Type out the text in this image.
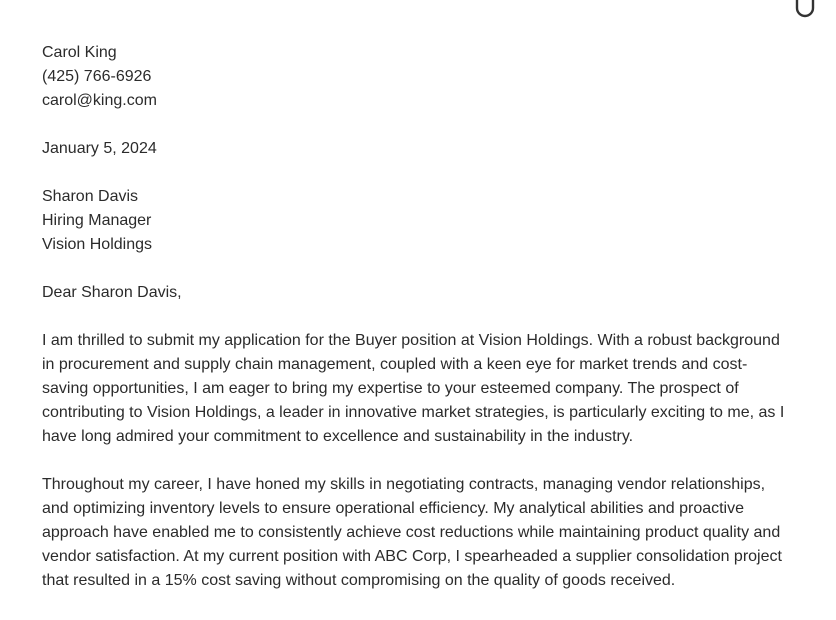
Carol King
(425) 766-6926
carol@king.com
January 5, 2024
Sharon Davis
Hiring Manager
Vision Holdings
Dear Sharon Davis,
I am thrilled to submit my application for the Buyer position at Vision Holdings. With a robust background
in procurement and supply chain management, coupled with a keen eye for market trends and cost-
saving opportunities, I am eager to bring my expertise to your esteemed company. The prospect of
contributing to Vision Holdings, a leader in innovative market strategies, is particularly exciting to me, as I
have long admired your commitment to excellence and sustainability in the industry.
Throughout my career, I have honed my skills in negotiating contracts, managing vendor relationships,
and optimizing inventory levels to ensure operational efficiency. My analytical abilities and proactive
approach have enabled me to consistently achieve cost reductions while maintaining product quality and
vendor satisfaction. At my current position with ABC Corp, I spearheaded a supplier consolidation project
that resulted in a 15% cost saving without compromising on the quality of goods received.
